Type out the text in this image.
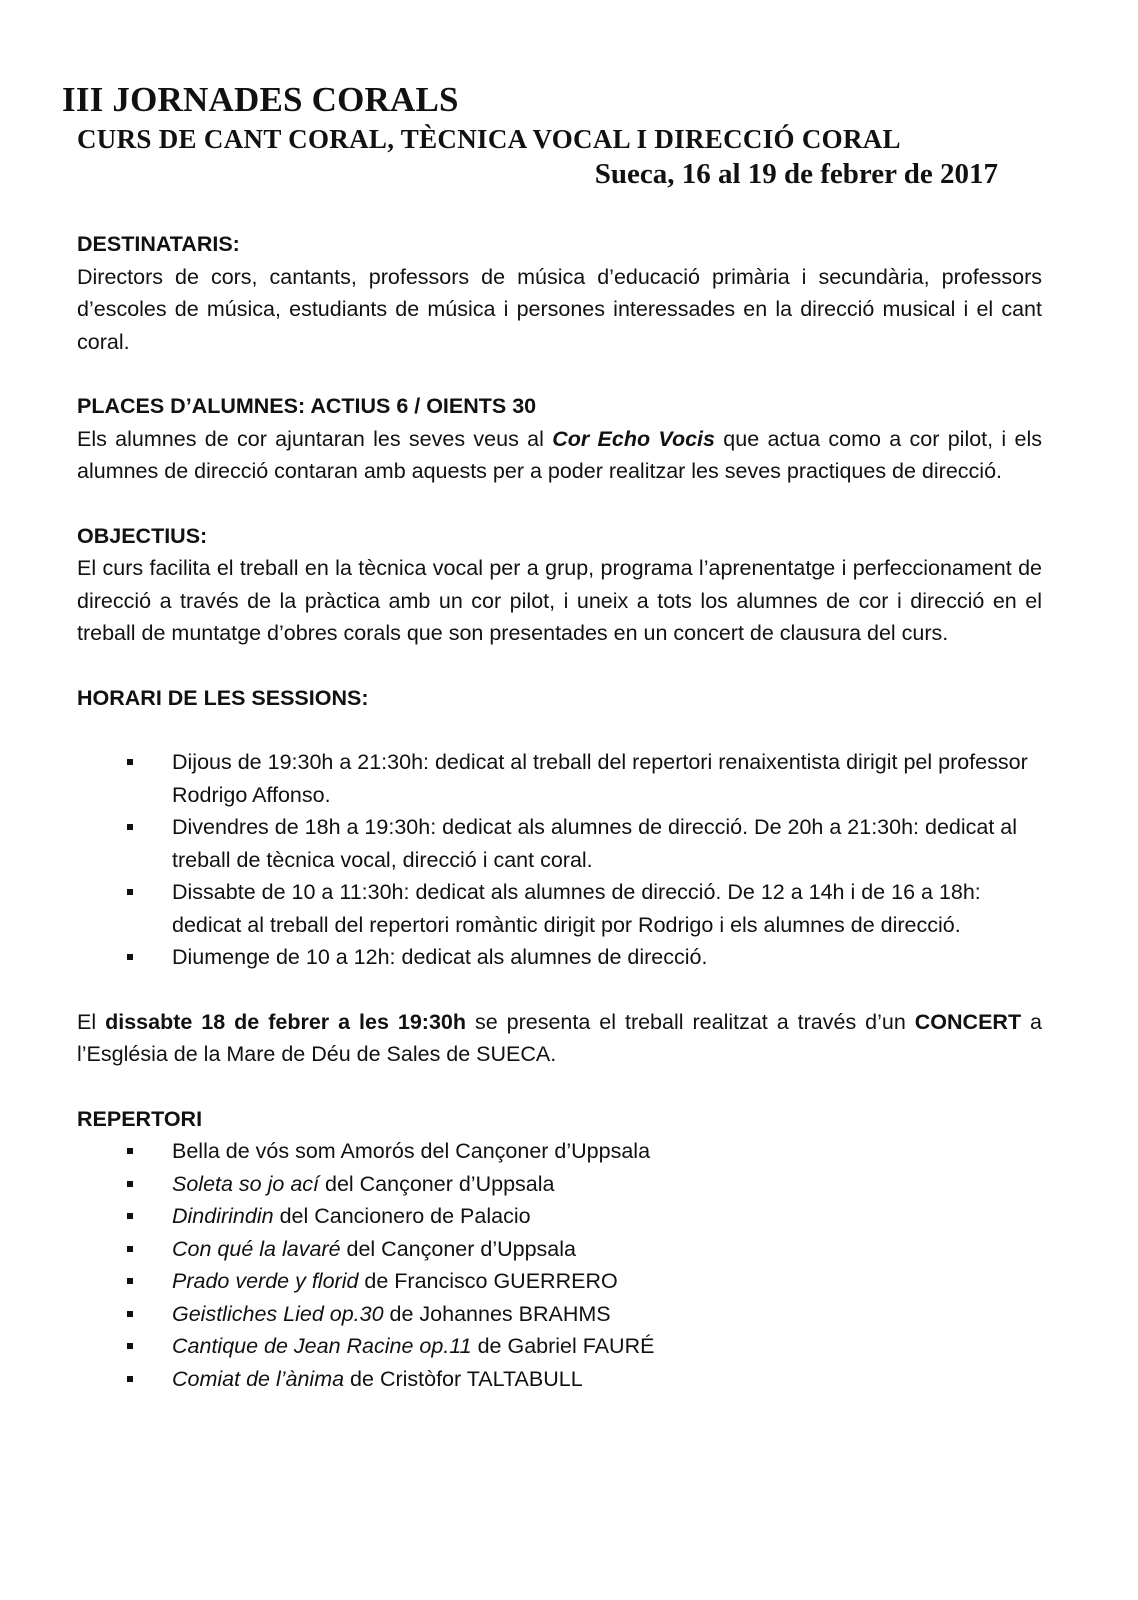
III JORNADES CORALS
CURS DE CANT CORAL, TÈCNICA VOCAL I DIRECCIÓ CORAL
Sueca, 16 al 19 de febrer de 2017

DESTINATARIS:

Directors de cors, cantants, professors de música d’educació primària i secundària, professors d’escoles de música, estudiants de música i persones interessades en la direcció musical i el cant coral.

PLACES D’ALUMNES: ACTIUS 6 / OIENTS 30

Els alumnes de cor ajuntaran les seves veus al Cor Echo Vocis que actua como a cor pilot, i els alumnes de direcció contaran amb aquests per a poder realitzar les seves practiques de direcció.

OBJECTIUS:

El curs facilita el treball en la tècnica vocal per a grup, programa l’aprenentatge i perfeccionament de direcció a través de la pràctica amb un cor pilot, i uneix a tots los alumnes de cor i direcció en el treball de muntatge d’obres corals que son presentades en un concert de clausura del curs.

HORARI DE LES SESSIONS:

Dijous de 19:30h a 21:30h: dedicat al treball del repertori renaixentista dirigit pel professor Rodrigo Affonso.
Divendres de 18h a 19:30h: dedicat als alumnes de direcció. De 20h a 21:30h: dedicat al treball de tècnica vocal, direcció i cant coral.
Dissabte de 10 a 11:30h: dedicat als alumnes de direcció. De 12 a 14h i de 16 a 18h: dedicat al treball del repertori romàntic dirigit por Rodrigo i els alumnes de direcció.
Diumenge de 10 a 12h: dedicat als alumnes de direcció.

El dissabte 18 de febrer a les 19:30h se presenta el treball realitzat a través d’un CONCERT a l’Església de la Mare de Déu de Sales de SUECA.

REPERTORI

Bella de vós som Amorós del Cançoner d’Uppsala
Soleta so jo ací del Cançoner d’Uppsala
Dindirindin del Cancionero de Palacio
Con qué la lavaré del Cançoner d’Uppsala
Prado verde y florid de Francisco GUERRERO
Geistliches Lied op.30 de Johannes BRAHMS
Cantique de Jean Racine op.11 de Gabriel FAURÉ
Comiat de l’ànima de Cristòfor TALTABULL
